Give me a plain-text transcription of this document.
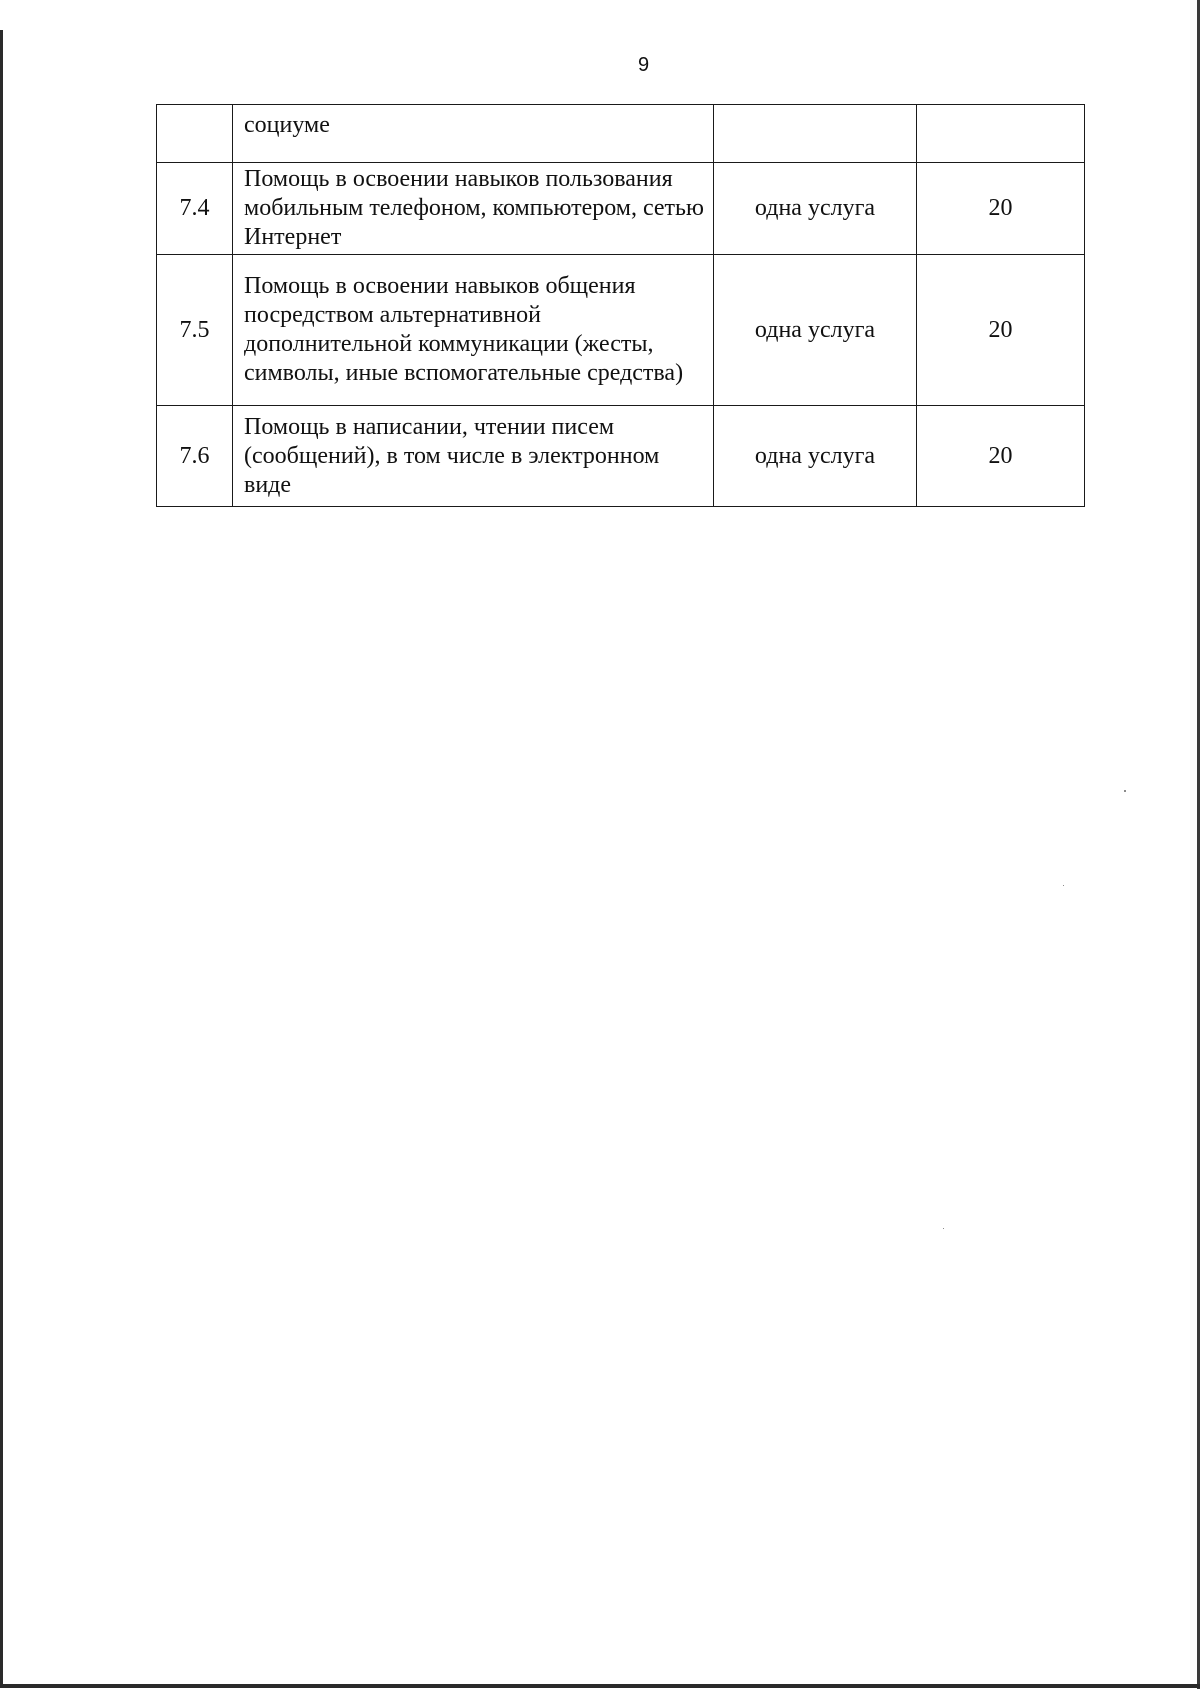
9
	социуме		
7.4	Помощь в освоении навыков пользования мобильным телефоном, компьютером, сетью Интернет	одна услуга	20
7.5	Помощь в освоении навыков общения посредством альтернативной дополнительной коммуникации (жесты, символы, иные вспомогательные средства)	одна услуга	20
7.6	Помощь в написании, чтении писем (сообщений), в том числе в электронном виде	одна услуга	20
